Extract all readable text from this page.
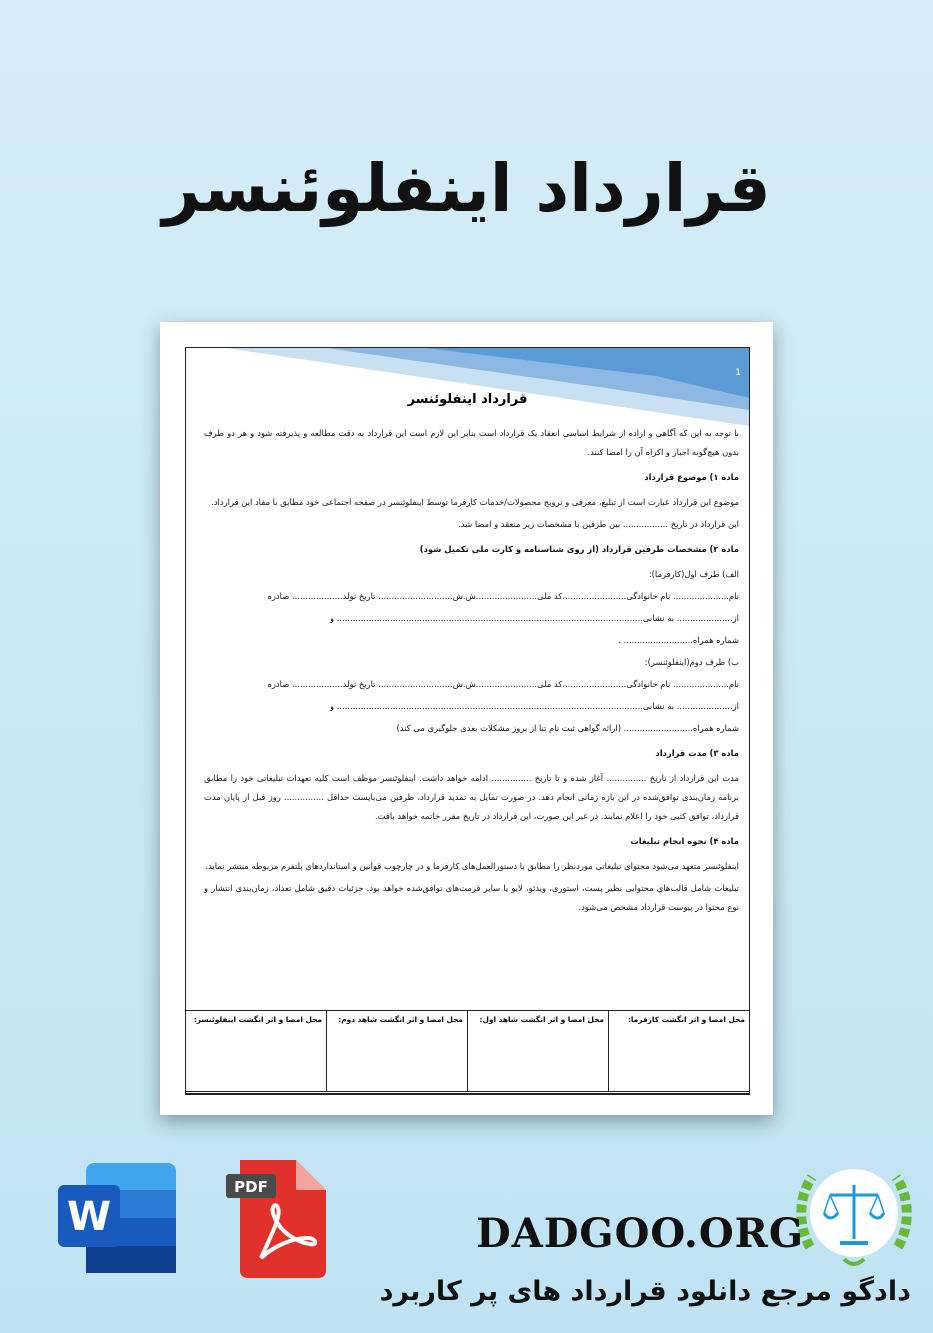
قرارداد اینفلوئنسر
1
قرارداد اینفلوئنسر

با توجه به این که آگاهی و اراده از شرایط اساسی انعقاد یک قرارداد است بنابر این لازم است این قرارداد به دقت مطالعه و پذیرفته شود و هر دو طرف بدون هیچ‌گونه اجبار و اکراه آن را امضا کنند.

ماده ۱) موضوع قرارداد

موضوع این قرارداد عبارت است از تبلیغ، معرفی و ترویج محصولات/خدمات کارفرما توسط اینفلوئنسر در صفحه اجتماعی خود مطابق با مفاد این قرارداد.

این قرارداد در تاریخ ................. بین طرفین با مشخصات زیر منعقد و امضا شد.

ماده ۲) مشخصات طرفین قرارداد (از روی شناسنامه و کارت ملی تکمیل شود)

الف) طرف اول(کارفرما):

نام..................... نام خانوادگی........................کد ملی.......................ش.ش............................ تاریخ تولد................... صادره

از..................... به نشانی................................................................................................................... و

شماره همراه.......................... .

ب) طرف دوم(اینفلوئنسر):

نام..................... نام خانوادگی........................کد ملی.......................ش.ش............................ تاریخ تولد................... صادره

از..................... به نشانی................................................................................................................... و

شماره همراه.......................... (ارائه گواهی ثبت نام تنا از بروز مشکلات بعدی جلوگیری می کند)

ماده ۳) مدت قرارداد

مدت این قرارداد از تاریخ ............... آغاز شده و تا تاریخ ............... ادامه خواهد داشت. اینفلوئنسر موظف است کلیه تعهدات تبلیغاتی خود را مطابق برنامه زمان‌بندی توافق‌شده در این بازه زمانی انجام دهد. در صورت تمایل به تمدید قرارداد، طرفین می‌بایست حداقل ............... روز قبل از پایان مدت قرارداد، توافق کتبی خود را اعلام نمایند. در غیر این صورت، این قرارداد در تاریخ مقرر خاتمه خواهد یافت.

ماده ۴) نحوه انجام تبلیغات

اینفلوئنسر متعهد می‌شود محتوای تبلیغاتی موردنظر را مطابق با دستورالعمل‌های کارفرما و در چارچوب قوانین و استانداردهای پلتفرم مربوطه منتشر نماید.

تبلیغات شامل قالب‌های محتوایی نظیر پست، استوری، ویدئو، لایو یا سایر فرمت‌های توافق‌شده خواهد بود. جزئیات دقیق شامل تعداد، زمان‌بندی انتشار و نوع محتوا در پیوست قرارداد مشخص می‌شود.

محل امضا و اثر انگشت کارفرما:
محل امضا و اثر انگشت شاهد اول:
محل امضا و اثر انگشت شاهد دوم:
محل امضا و اثر انگشت اینفلوئنسر:
W
PDF
DADGOO.ORG
دادگو مرجع دانلود قرارداد های پر کاربرد
